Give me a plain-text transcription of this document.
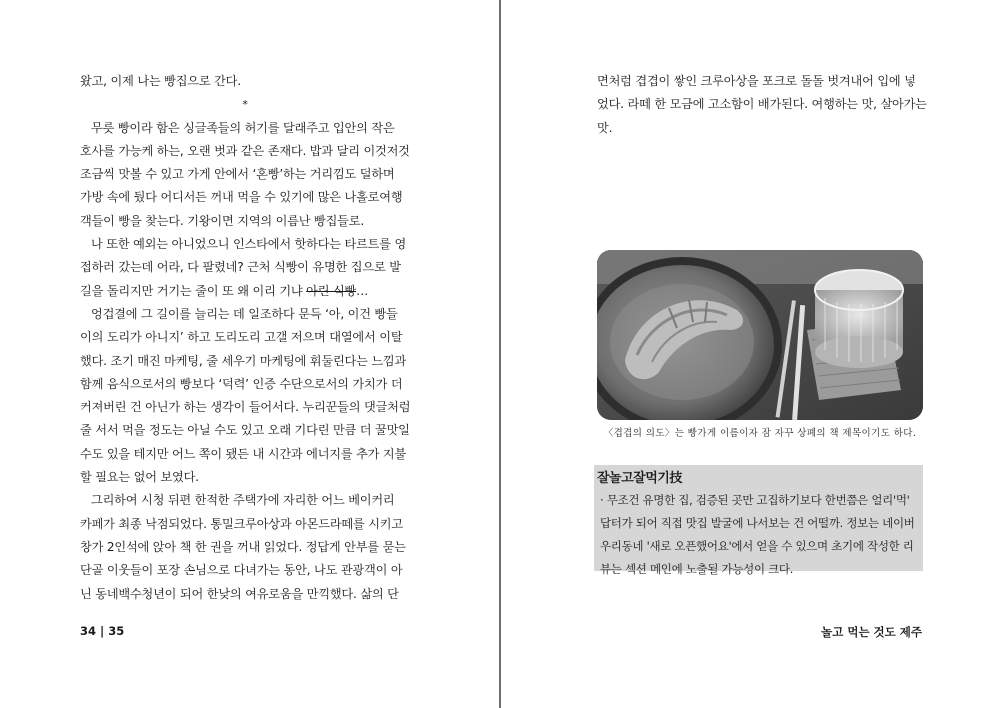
왔고, 이제 나는 빵집으로 간다.

*

무릇 빵이라 함은 싱글족들의 허기를 달래주고 입안의 작은

호사를 가능케 하는, 오랜 벗과 같은 존재다. 밥과 달리 이것저것

조금씩 맛볼 수 있고 가게 안에서 ‘혼빵’하는 거리낌도 덜하며

가방 속에 뒀다 어디서든 꺼내 먹을 수 있기에 많은 나홀로여행

객들이 빵을 찾는다. 기왕이면 지역의 이름난 빵집들로.

나 또한 예외는 아니었으니 인스타에서 핫하다는 타르트를 영

접하러 갔는데 어라, 다 팔렸네? 근처 식빵이 유명한 집으로 발

길을 돌리지만 거기는 줄이 또 왜 이리 기냐 아린 식빵…

엉겁결에 그 길이를 늘리는 데 일조하다 문득 ‘아, 이건 빵들

이의 도리가 아니지’ 하고 도리도리 고갤 저으며 대열에서 이탈

했다. 조기 매진 마케팅, 줄 세우기 마케팅에 휘둘린다는 느낌과

함께 음식으로서의 빵보다 ‘덕력’ 인증 수단으로서의 가치가 더

커져버린 건 아닌가 하는 생각이 들어서다. 누리꾼들의 댓글처럼

줄 서서 먹을 정도는 아닐 수도 있고 오래 기다린 만큼 더 꿀맛일

수도 있을 테지만 어느 쪽이 됐든 내 시간과 에너지를 추가 지불

할 필요는 없어 보였다.

그리하여 시청 뒤편 한적한 주택가에 자리한 어느 베이커리

카페가 최종 낙점되었다. 통밀크루아상과 아몬드라떼를 시키고

창가 2인석에 앉아 책 한 권을 꺼내 읽었다. 정답게 안부를 묻는

단골 이웃들이 포장 손님으로 다녀가는 동안, 나도 관광객이 아

닌 동네백수청년이 되어 한낮의 여유로움을 만끽했다. 삶의 단

34 | 35

면처럼 겹겹이 쌓인 크루아상을 포크로 돌돌 벗겨내어 입에 넣

었다. 라떼 한 모금에 고소함이 배가된다. 여행하는 맛, 살아가는

맛.

〈겹겹의 의도〉는 빵가게 이름이자 잠 자꾸 상폐의 책 제목이기도 하다.
잘놀고잘먹기技

· 무조건 유명한 집, 검증된 곳만 고집하기보다 한번쯤은 얼리'먹'

답터가 되어 직접 맛집 발굴에 나서보는 건 어떨까. 정보는 네이버

우리동네 '새로 오픈했어요'에서 얻을 수 있으며 초기에 작성한 리

뷰는 섹션 메인에 노출될 가능성이 크다.

놀고 먹는 것도 제주
